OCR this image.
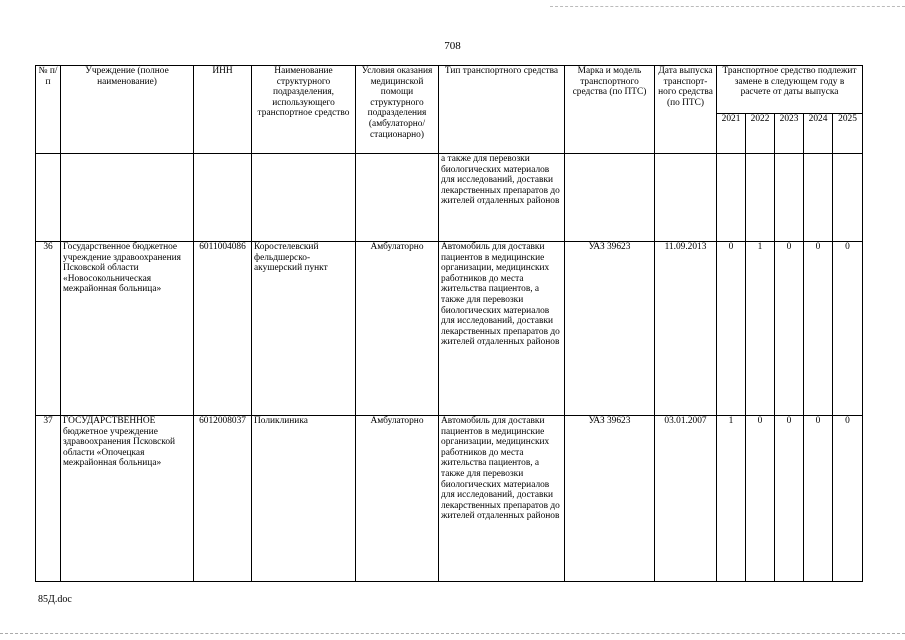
708
№ п/п	Учреждение (полное наименование)	ИНН	Наименование структурного подразделения, использующего транспортное средство	Условия оказания медицинской помощи структурного подразделения (амбулаторно/ стационарно)	Тип транспортного средства	Марка и модель транспортного средства (по ПТС)	Дата выпуска транспорт- ного средства (по ПТС)	Транспортное средство подлежит замене в следующем году в расчете от даты выпуска				
								2021	2022	2023	2024	2025
					а также для перевозки биологических материалов для исследований, доставки лекарственных препаратов до жителей отдаленных районов							
36	Государственное бюджетное учреждение здравоохранения Псковской области «Новосокольническая межрайонная больница»	6011004086	Коростелевский фельдшерско-акушерский пункт	Амбулаторно	Автомобиль для доставки пациентов в медицинские организации, медицинских работников до места жительства пациентов, а также для перевозки биологических материалов для исследований, доставки лекарственных препаратов до жителей отдаленных районов	УАЗ 39623	11.09.2013	0	1	0	0	0
37	ГОСУДАРСТВЕННОЕ бюджетное учреждение здравоохранения Псковской области «Опочецкая межрайонная больница»	6012008037	Поликлиника	Амбулаторно	Автомобиль для доставки пациентов в медицинские организации, медицинских работников до места жительства пациентов, а также для перевозки биологических материалов для исследований, доставки лекарственных препаратов до жителей отдаленных районов	УАЗ 39623	03.01.2007	1	0	0	0	0
85Д.doc
